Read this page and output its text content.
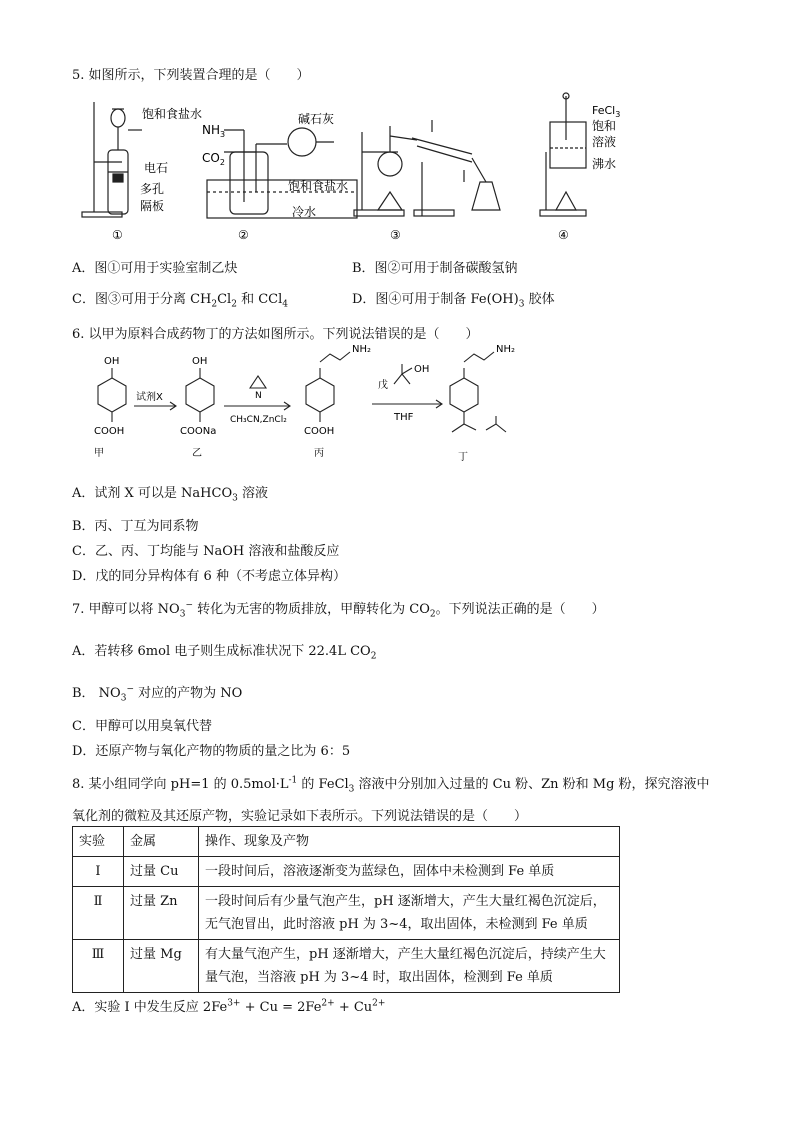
5. 如图所示，下列装置合理的是（　　）
饱和食盐水
电石
多孔
隔板
①
$NH_3$
$CO_2$
碱石灰
饱和食盐水
冷水
②	③
FeCl$_3$
饱和
溶液
沸水
④
A．图①可用于实验室制乙炔	B．图②可用于制备碳酸氢钠
C．图③可用于分离 $CH_2Cl_2$ 和 CCl$_4$	D．图④可用于制备 $Fe(OH)_3$ 胶体
6. 以甲为原料合成药物丁的方法如图所示。下列说法错误的是（　　）
OH
COOH
甲
试剂X
OH
COONa
乙
N
CH₃CN,ZnCl₂
NH₂
COOH
丙
戊
OH
THF
NH₂
丁
A．试剂 X 可以是 NaHCO$_3$ 溶液
B．丙、丁互为同系物
C．乙、丙、丁均能与 NaOH 溶液和盐酸反应
D．戊的同分异构体有 6 种（不考虑立体异构）
7. 甲醇可以将 $NO_3^-$ 转化为无害的物质排放，甲醇转化为 $CO_2$。下列说法正确的是（　　）
A．若转移 6mol 电子则生成标准状况下 22.4L $CO_2$
B． $NO_3^-$ 对应的产物为 NO
C．甲醇可以用臭氧代替
D．还原产物与氧化产物的物质的量之比为 6：5
8. 某小组同学向 pH=1 的 $0.5mol\cdot L^{-1}$ 的 FeCl$_3$ 溶液中分别加入过量的 Cu 粉、Zn 粉和 Mg 粉，探究溶液中
氧化剂的微粒及其还原产物，实验记录如下表所示。下列说法错误的是（　　）
实验	金属	操作、现象及产物
Ⅰ	过量 Cu	一段时间后，溶液逐渐变为蓝绿色，固体中未检测到 Fe 单质
Ⅱ	过量 Zn	一段时间后有少量气泡产生，pH 逐渐增大，产生大量红褐色沉淀后，无气泡冒出，此时溶液 pH 为 3~4，取出固体，未检测到 Fe 单质
Ⅲ	过量 Mg	有大量气泡产生，pH 逐渐增大，产生大量红褐色沉淀后，持续产生大量气泡，当溶液 pH 为 3~4 时，取出固体，检测到 Fe 单质
A．实验 I 中发生反应 $2Fe^{3+} + Cu = 2Fe^{2+} + Cu^{2+}$
